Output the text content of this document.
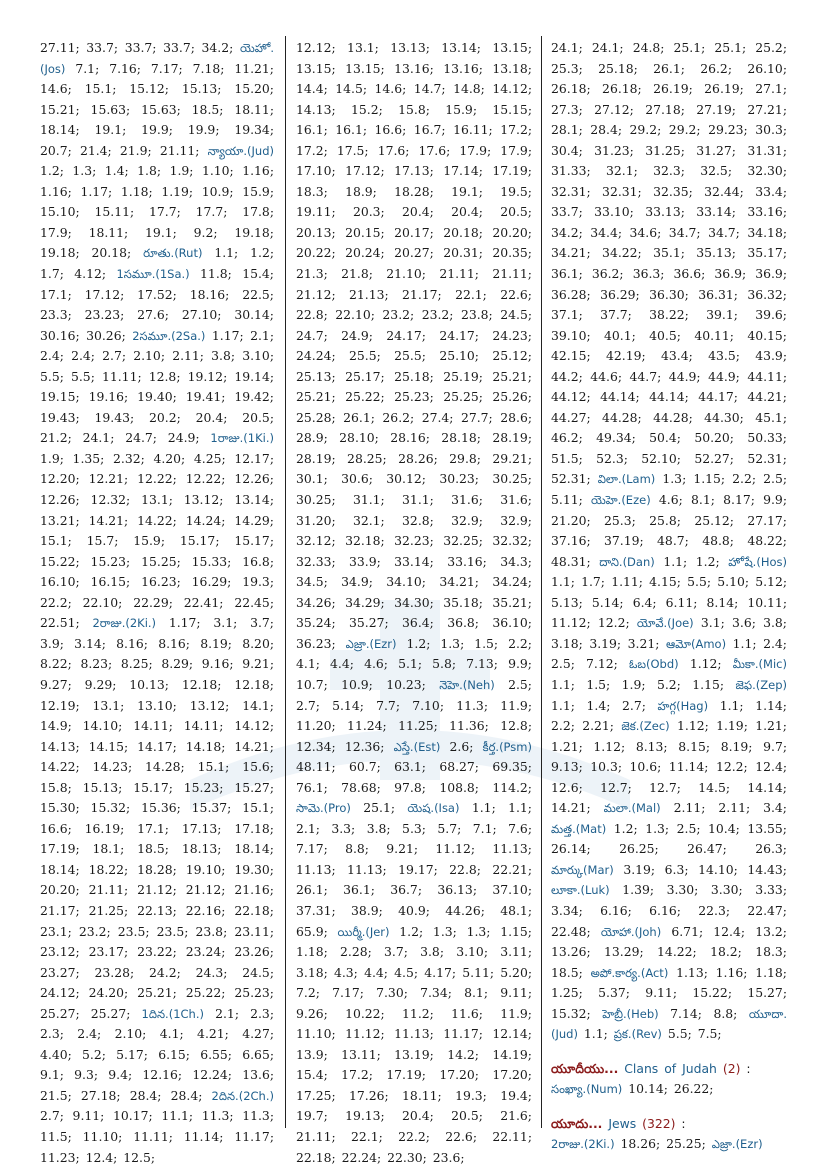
27.11; 33.7; 33.7; 33.7; 34.2; యెహో.(Jos) 7.1; 7.16; 7.17; 7.18; 11.21; 14.6; 15.1; 15.12; 15.13; 15.20; 15.21; 15.63; 15.63; 18.5; 18.11; 18.14; 19.1; 19.9; 19.9; 19.34; 20.7; 21.4; 21.9; 21.11; న్యాయా.(Jud) 1.2; 1.3; 1.4; 1.8; 1.9; 1.10; 1.16; 1.16; 1.17; 1.18; 1.19; 10.9; 15.9; 15.10; 15.11; 17.7; 17.7; 17.8; 17.9; 18.11; 19.1; 9.2; 19.18; 19.18; 20.18; రూతు.(Rut) 1.1; 1.2; 1.7; 4.12; 1సమూ.(1Sa.) 11.8; 15.4; 17.1; 17.12; 17.52; 18.16; 22.5; 23.3; 23.23; 27.6; 27.10; 30.14; 30.16; 30.26; 2సమూ.(2Sa.) 1.17; 2.1; 2.4; 2.4; 2.7; 2.10; 2.11; 3.8; 3.10; 5.5; 5.5; 11.11; 12.8; 19.12; 19.14; 19.15; 19.16; 19.40; 19.41; 19.42; 19.43; 19.43; 20.2; 20.4; 20.5; 21.2; 24.1; 24.7; 24.9; 1రాజు.(1Ki.) 1.9; 1.35; 2.32; 4.20; 4.25; 12.17; 12.20; 12.21; 12.22; 12.22; 12.26; 12.26; 12.32; 13.1; 13.12; 13.14; 13.21; 14.21; 14.22; 14.24; 14.29; 15.1; 15.7; 15.9; 15.17; 15.17; 15.22; 15.23; 15.25; 15.33; 16.8; 16.10; 16.15; 16.23; 16.29; 19.3; 22.2; 22.10; 22.29; 22.41; 22.45; 22.51; 2రాజు.(2Ki.) 1.17; 3.1; 3.7; 3.9; 3.14; 8.16; 8.16; 8.19; 8.20; 8.22; 8.23; 8.25; 8.29; 9.16; 9.21; 9.27; 9.29; 10.13; 12.18; 12.18; 12.19; 13.1; 13.10; 13.12; 14.1; 14.9; 14.10; 14.11; 14.11; 14.12; 14.13; 14.15; 14.17; 14.18; 14.21; 14.22; 14.23; 14.28; 15.1; 15.6; 15.8; 15.13; 15.17; 15.23; 15.27; 15.30; 15.32; 15.36; 15.37; 15.1; 16.6; 16.19; 17.1; 17.13; 17.18; 17.19; 18.1; 18.5; 18.13; 18.14; 18.14; 18.22; 18.28; 19.10; 19.30; 20.20; 21.11; 21.12; 21.12; 21.16; 21.17; 21.25; 22.13; 22.16; 22.18; 23.1; 23.2; 23.5; 23.5; 23.8; 23.11; 23.12; 23.17; 23.22; 23.24; 23.26; 23.27; 23.28; 24.2; 24.3; 24.5; 24.12; 24.20; 25.21; 25.22; 25.23; 25.27; 25.27; 1దిన.(1Ch.) 2.1; 2.3; 2.3; 2.4; 2.10; 4.1; 4.21; 4.27; 4.40; 5.2; 5.17; 6.15; 6.55; 6.65; 9.1; 9.3; 9.4; 12.16; 12.24; 13.6; 21.5; 27.18; 28.4; 28.4; 2దిన.(2Ch.) 2.7; 9.11; 10.17; 11.1; 11.3; 11.3; 11.5; 11.10; 11.11; 11.14; 11.17; 11.23; 12.4; 12.5;

12.12; 13.1; 13.13; 13.14; 13.15; 13.15; 13.15; 13.16; 13.16; 13.18; 14.4; 14.5; 14.6; 14.7; 14.8; 14.12; 14.13; 15.2; 15.8; 15.9; 15.15; 16.1; 16.1; 16.6; 16.7; 16.11; 17.2; 17.2; 17.5; 17.6; 17.6; 17.9; 17.9; 17.10; 17.12; 17.13; 17.14; 17.19; 18.3; 18.9; 18.28; 19.1; 19.5; 19.11; 20.3; 20.4; 20.4; 20.5; 20.13; 20.15; 20.17; 20.18; 20.20; 20.22; 20.24; 20.27; 20.31; 20.35; 21.3; 21.8; 21.10; 21.11; 21.11; 21.12; 21.13; 21.17; 22.1; 22.6; 22.8; 22.10; 23.2; 23.2; 23.8; 24.5; 24.7; 24.9; 24.17; 24.17; 24.23; 24.24; 25.5; 25.5; 25.10; 25.12; 25.13; 25.17; 25.18; 25.19; 25.21; 25.21; 25.22; 25.23; 25.25; 25.26; 25.28; 26.1; 26.2; 27.4; 27.7; 28.6; 28.9; 28.10; 28.16; 28.18; 28.19; 28.19; 28.25; 28.26; 29.8; 29.21; 30.1; 30.6; 30.12; 30.23; 30.25; 30.25; 31.1; 31.1; 31.6; 31.6; 31.20; 32.1; 32.8; 32.9; 32.9; 32.12; 32.18; 32.23; 32.25; 32.32; 32.33; 33.9; 33.14; 33.16; 34.3; 34.5; 34.9; 34.10; 34.21; 34.24; 34.26; 34.29; 34.30; 35.18; 35.21; 35.24; 35.27; 36.4; 36.8; 36.10; 36.23; ఎజ్రా.(Ezr) 1.2; 1.3; 1.5; 2.2; 4.1; 4.4; 4.6; 5.1; 5.8; 7.13; 9.9; 10.7; 10.9; 10.23; నెహె.(Neh) 2.5; 2.7; 5.14; 7.7; 7.10; 11.3; 11.9; 11.20; 11.24; 11.25; 11.36; 12.8; 12.34; 12.36; ఎస్తే.(Est) 2.6; కీర్త.(Psm) 48.11; 60.7; 63.1; 68.27; 69.35; 76.1; 78.68; 97.8; 108.8; 114.2; సామె.(Pro) 25.1; యెష.(Isa) 1.1; 1.1; 2.1; 3.3; 3.8; 5.3; 5.7; 7.1; 7.6; 7.17; 8.8; 9.21; 11.12; 11.13; 11.13; 11.13; 19.17; 22.8; 22.21; 26.1; 36.1; 36.7; 36.13; 37.10; 37.31; 38.9; 40.9; 44.26; 48.1; 65.9; యిర్మీ.(Jer) 1.2; 1.3; 1.3; 1.15; 1.18; 2.28; 3.7; 3.8; 3.10; 3.11; 3.18; 4.3; 4.4; 4.5; 4.17; 5.11; 5.20; 7.2; 7.17; 7.30; 7.34; 8.1; 9.11; 9.26; 10.22; 11.2; 11.6; 11.9; 11.10; 11.12; 11.13; 11.17; 12.14; 13.9; 13.11; 13.19; 14.2; 14.19; 15.4; 17.2; 17.19; 17.20; 17.20; 17.25; 17.26; 18.11; 19.3; 19.4; 19.7; 19.13; 20.4; 20.5; 21.6; 21.11; 22.1; 22.2; 22.6; 22.11; 22.18; 22.24; 22.30; 23.6;

24.1; 24.1; 24.8; 25.1; 25.1; 25.2; 25.3; 25.18; 26.1; 26.2; 26.10; 26.18; 26.18; 26.19; 26.19; 27.1; 27.3; 27.12; 27.18; 27.19; 27.21; 28.1; 28.4; 29.2; 29.2; 29.23; 30.3; 30.4; 31.23; 31.25; 31.27; 31.31; 31.33; 32.1; 32.3; 32.5; 32.30; 32.31; 32.31; 32.35; 32.44; 33.4; 33.7; 33.10; 33.13; 33.14; 33.16; 34.2; 34.4; 34.6; 34.7; 34.7; 34.18; 34.21; 34.22; 35.1; 35.13; 35.17; 36.1; 36.2; 36.3; 36.6; 36.9; 36.9; 36.28; 36.29; 36.30; 36.31; 36.32; 37.1; 37.7; 38.22; 39.1; 39.6; 39.10; 40.1; 40.5; 40.11; 40.15; 42.15; 42.19; 43.4; 43.5; 43.9; 44.2; 44.6; 44.7; 44.9; 44.9; 44.11; 44.12; 44.14; 44.14; 44.17; 44.21; 44.27; 44.28; 44.28; 44.30; 45.1; 46.2; 49.34; 50.4; 50.20; 50.33; 51.5; 52.3; 52.10; 52.27; 52.31; 52.31; విలా.(Lam) 1.3; 1.15; 2.2; 2.5; 5.11; యెహె.(Eze) 4.6; 8.1; 8.17; 9.9; 21.20; 25.3; 25.8; 25.12; 27.17; 37.16; 37.19; 48.7; 48.8; 48.22; 48.31; దాని.(Dan) 1.1; 1.2; హోషే.(Hos) 1.1; 1.7; 1.11; 4.15; 5.5; 5.10; 5.12; 5.13; 5.14; 6.4; 6.11; 8.14; 10.11; 11.12; 12.2; యోవే.(Joe) 3.1; 3.6; 3.8; 3.18; 3.19; 3.21; ఆమో(Amo) 1.1; 2.4; 2.5; 7.12; ఓబ(Obd) 1.12; మీకా.(Mic) 1.1; 1.5; 1.9; 5.2; 1.15; జెఫ.(Zep) 1.1; 1.4; 2.7; హగ్గ(Hag) 1.1; 1.14; 2.2; 2.21; జెక.(Zec) 1.12; 1.19; 1.21; 1.21; 1.12; 8.13; 8.15; 8.19; 9.7; 9.13; 10.3; 10.6; 11.14; 12.2; 12.4; 12.6; 12.7; 12.7; 14.5; 14.14; 14.21; మలా.(Mal) 2.11; 2.11; 3.4; మత్త.(Mat) 1.2; 1.3; 2.5; 10.4; 13.55; 26.14; 26.25; 26.47; 26.3; మార్కు(Mar) 3.19; 6.3; 14.10; 14.43; లూకా.(Luk) 1.39; 3.30; 3.30; 3.33; 3.34; 6.16; 6.16; 22.3; 22.47; 22.48; యోహా.(Joh) 6.71; 12.4; 13.2; 13.26; 13.29; 14.22; 18.2; 18.3; 18.5; అపో.కార్య.(Act) 1.13; 1.16; 1.18; 1.25; 5.37; 9.11; 15.22; 15.27; 15.32; హెబ్రీ.(Heb) 7.14; 8.8; యూదా.(Jud) 1.1; ప్రక.(Rev) 5.5; 7.5;

యూదీయు... Clans of Judah (2) :

సంఖ్యా.(Num) 10.14; 26.22;

యూదు... Jews (322) :

2రాజు.(2Ki.) 18.26; 25.25; ఎజ్రా.(Ezr)
